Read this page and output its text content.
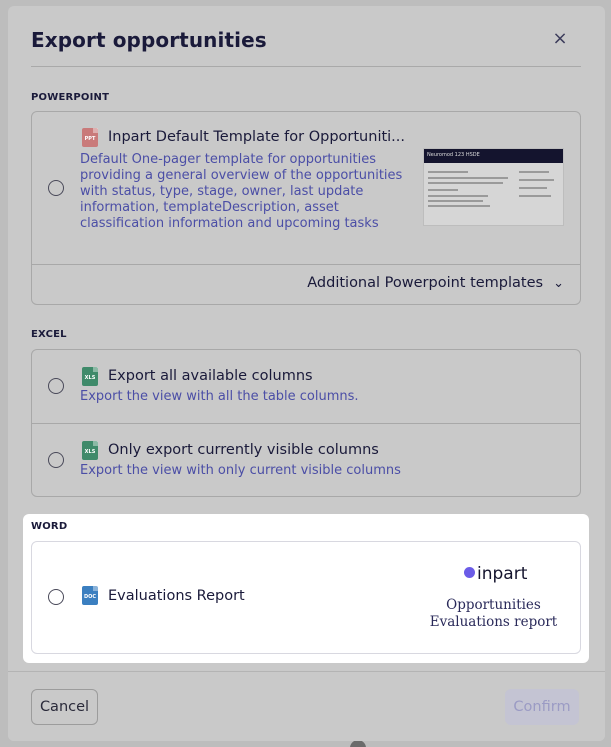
Export opportunities	×
POWERPOINT
PPT Inpart Default Template for Opportuniti...
Default One-pager template for opportunities providing a general overview of the opportunities with status, type, stage, owner, last update information, templateDescription, asset classification information and upcoming tasks
Neuromod 123 HSDE
Additional Powerpoint templates ⌄
EXCEL
XLS Export all available columns
Export the view with all the table columns.
XLS Only export currently visible columns
Export the view with only current visible columns
Cancel	Confirm
WORD
DOC Evaluations Report
inpart
Opportunities
Evaluations report
